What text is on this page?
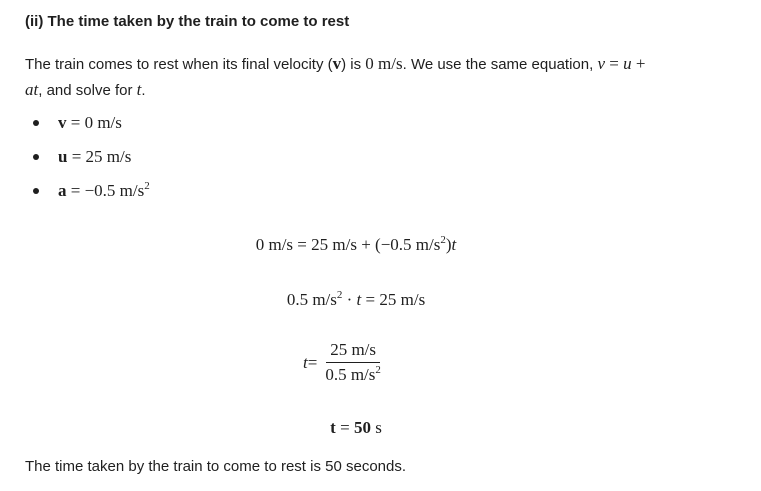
(ii) The time taken by the train to come to rest
The train comes to rest when its final velocity (v) is 0 m/s. We use the same equation, v = u +
at, and solve for t.
v = 0 m/s
u = 25 m/s
a = −0.5 $m/s^2$
0 m/s = 25 m/s + (−0.5 $m/s^2)t$
0.5 $m/s^2 \cdot t = 25$ m/s
$t = \frac{25 m/s}{0.5 m/s^2}$
t = 50 s
The time taken by the train to come to rest is 50 seconds.
